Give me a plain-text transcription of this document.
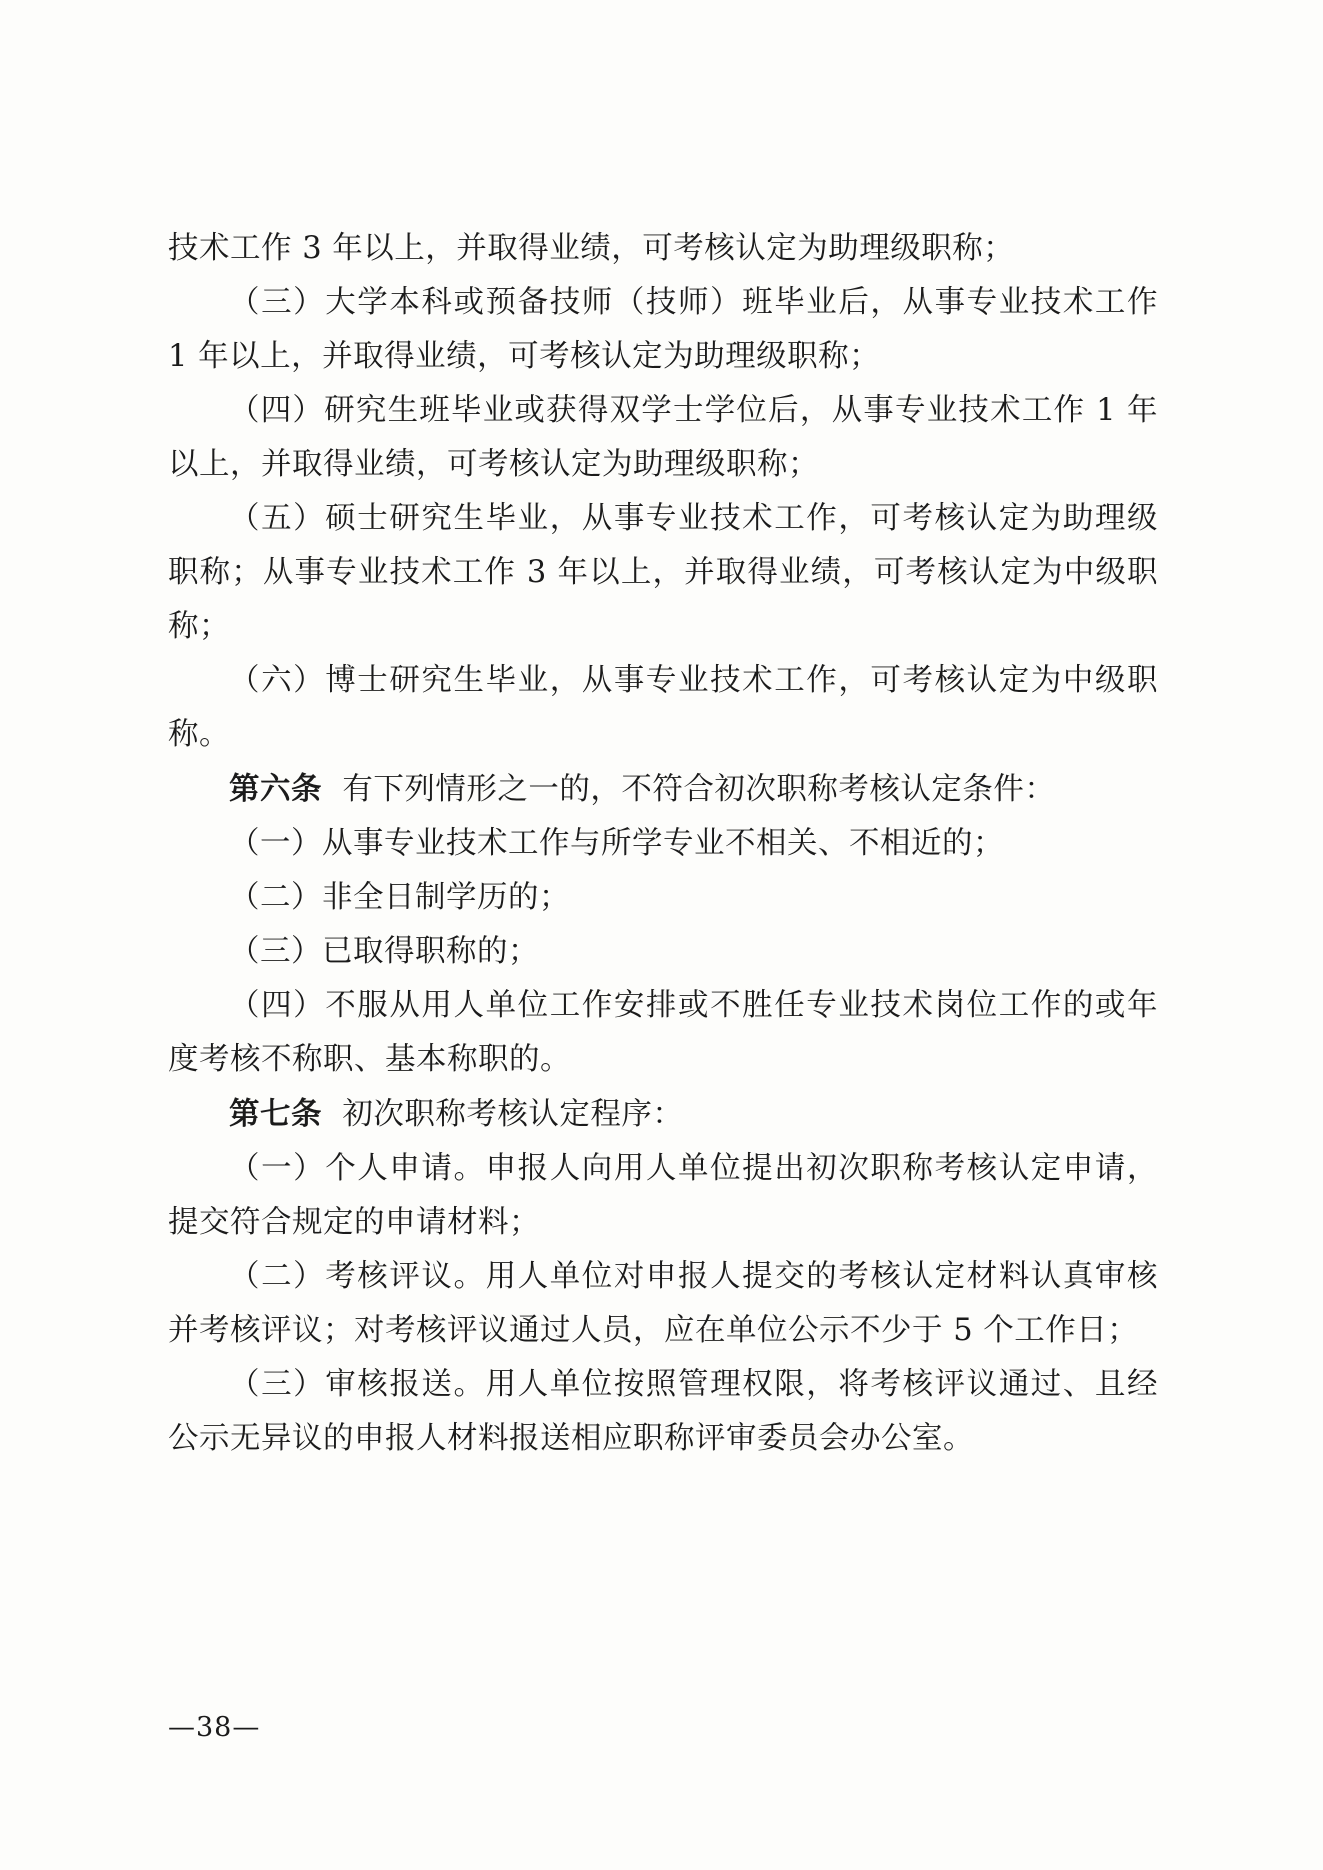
技术工作 3 年以上，并取得业绩，可考核认定为助理级职称；

（三）大学本科或预备技师（技师）班毕业后，从事专业技术工作 1 年以上，并取得业绩，可考核认定为助理级职称；

（四）研究生班毕业或获得双学士学位后，从事专业技术工作 1 年以上，并取得业绩，可考核认定为助理级职称；

（五）硕士研究生毕业，从事专业技术工作，可考核认定为助理级职称；从事专业技术工作 3 年以上，并取得业绩，可考核认定为中级职称；

（六）博士研究生毕业，从事专业技术工作，可考核认定为中级职称。

第六条 有下列情形之一的，不符合初次职称考核认定条件：

（一）从事专业技术工作与所学专业不相关、不相近的；

（二）非全日制学历的；

（三）已取得职称的；

（四）不服从用人单位工作安排或不胜任专业技术岗位工作的或年度考核不称职、基本称职的。

第七条 初次职称考核认定程序：

（一）个人申请。申报人向用人单位提出初次职称考核认定申请，提交符合规定的申请材料；

（二）考核评议。用人单位对申报人提交的考核认定材料认真审核并考核评议；对考核评议通过人员，应在单位公示不少于 5 个工作日；

（三）审核报送。用人单位按照管理权限，将考核评议通过、且经公示无异议的申报人材料报送相应职称评审委员会办公室。

—38—
